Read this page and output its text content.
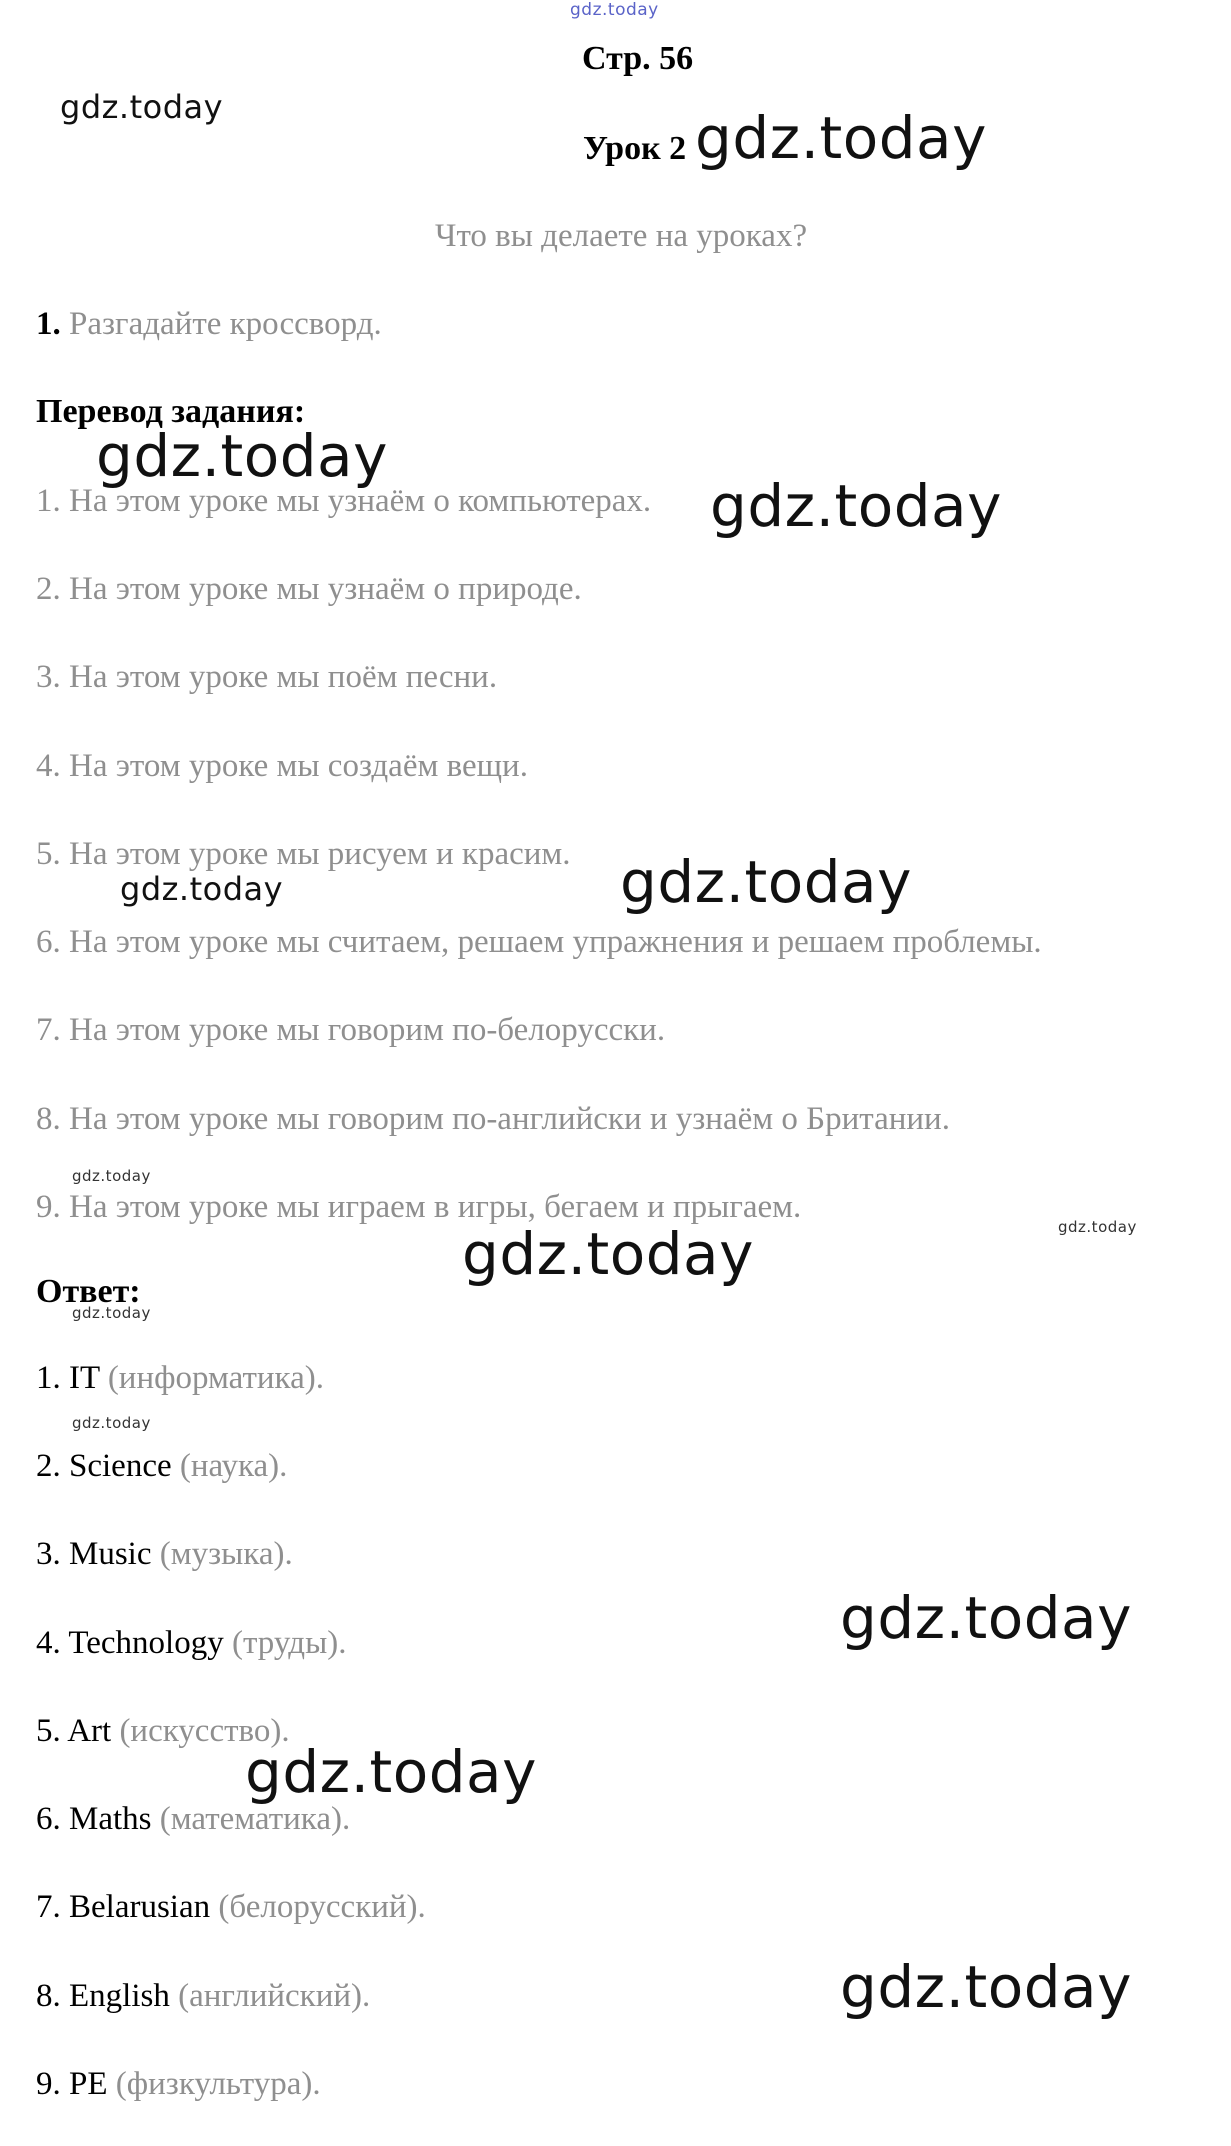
Стр. 56
Урок 2
Что вы делаете на уроках?
1. Разгадайте кроссворд.
Перевод задания:
1. На этом уроке мы узнаём о компьютерах.
2. На этом уроке мы узнаём о природе.
3. На этом уроке мы поём песни.
4. На этом уроке мы создаём вещи.
5. На этом уроке мы рисуем и красим.
6. На этом уроке мы считаем, решаем упражнения и решаем проблемы.
7. На этом уроке мы говорим по-белорусски.
8. На этом уроке мы говорим по-английски и узнаём о Британии.
9. На этом уроке мы играем в игры, бегаем и прыгаем.
Ответ:
1. IT (информатика).
2. Science (наука).
3. Music (музыка).
4. Technology (труды).
5. Art (искусство).
6. Maths (математика).
7. Belarusian (белорусский).
8. English (английский).
9. PE (физкультура).
gdz.today
gdz.today	gdz.today
gdz.today
gdz.today
gdz.today	gdz.today
gdz.today
gdz.today
gdz.today
gdz.today
gdz.today
gdz.today
gdz.today
gdz.today
